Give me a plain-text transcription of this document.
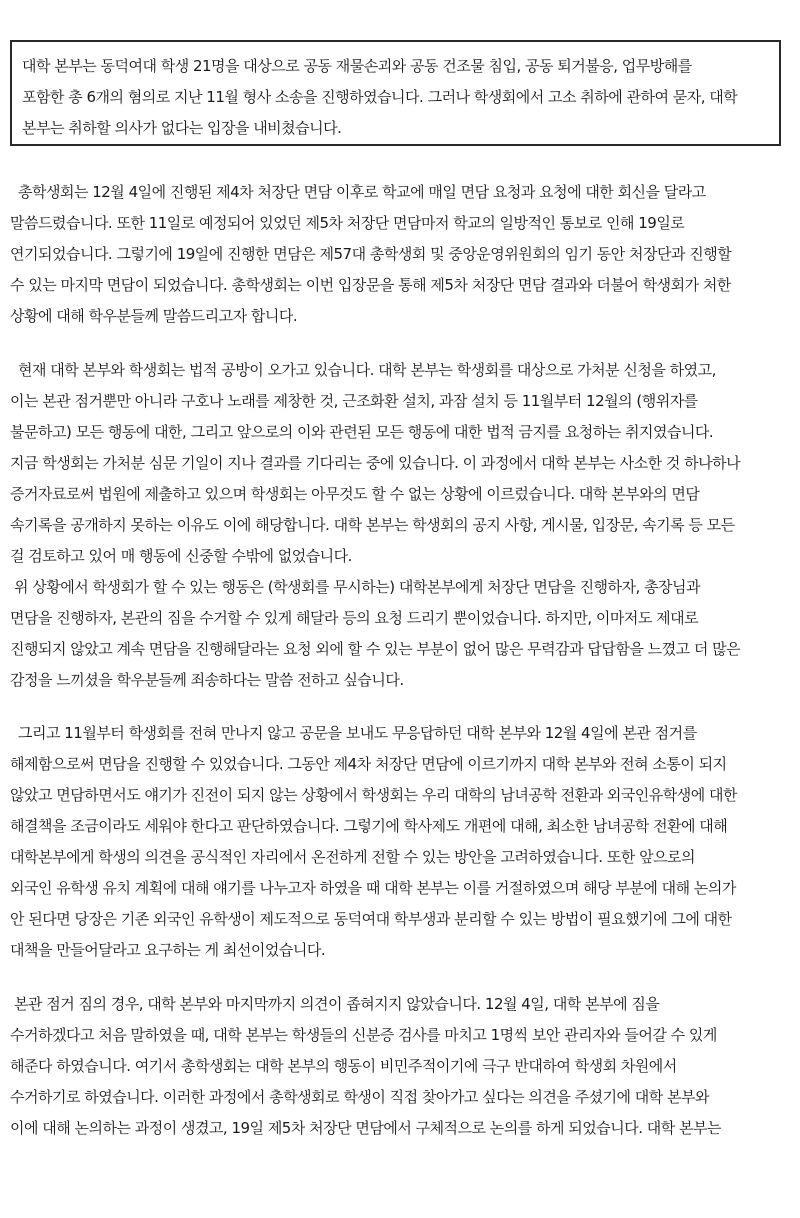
대학 본부는 동덕여대 학생 21명을 대상으로 공동 재물손괴와 공동 건조물 침입, 공동 퇴거불응, 업무방해를
포함한 총 6개의 혐의로 지난 11월 형사 소송을 진행하였습니다. 그러나 학생회에서 고소 취하에 관하여 묻자, 대학
본부는 취하할 의사가 없다는 입장을 내비쳤습니다.
총학생회는 12월 4일에 진행된 제4차 처장단 면담 이후로 학교에 매일 면담 요청과 요청에 대한 회신을 달라고
말씀드렸습니다. 또한 11일로 예정되어 있었던 제5차 처장단 면담마저 학교의 일방적인 통보로 인해 19일로
연기되었습니다. 그렇기에 19일에 진행한 면담은 제57대 총학생회 및 중앙운영위원회의 임기 동안 처장단과 진행할
수 있는 마지막 면담이 되었습니다. 총학생회는 이번 입장문을 통해 제5차 처장단 면담 결과와 더불어 학생회가 처한
상황에 대해 학우분들께 말씀드리고자 합니다.
현재 대학 본부와 학생회는 법적 공방이 오가고 있습니다. 대학 본부는 학생회를 대상으로 가처분 신청을 하였고,
이는 본관 점거뿐만 아니라 구호나 노래를 제창한 것, 근조화환 설치, 과잠 설치 등 11월부터 12월의 (행위자를
불문하고) 모든 행동에 대한, 그리고 앞으로의 이와 관련된 모든 행동에 대한 법적 금지를 요청하는 취지였습니다.
지금 학생회는 가처분 심문 기일이 지나 결과를 기다리는 중에 있습니다. 이 과정에서 대학 본부는 사소한 것 하나하나
증거자료로써 법원에 제출하고 있으며 학생회는 아무것도 할 수 없는 상황에 이르렀습니다. 대학 본부와의 면담
속기록을 공개하지 못하는 이유도 이에 해당합니다. 대학 본부는 학생회의 공지 사항, 게시물, 입장문, 속기록 등 모든
걸 검토하고 있어 매 행동에 신중할 수밖에 없었습니다.
위 상황에서 학생회가 할 수 있는 행동은 (학생회를 무시하는) 대학본부에게 처장단 면담을 진행하자, 총장님과
면담을 진행하자, 본관의 짐을 수거할 수 있게 해달라 등의 요청 드리기 뿐이었습니다. 하지만, 이마저도 제대로
진행되지 않았고 계속 면담을 진행해달라는 요청 외에 할 수 있는 부분이 없어 많은 무력감과 답답함을 느꼈고 더 많은
감정을 느끼셨을 학우분들께 죄송하다는 말씀 전하고 싶습니다.
그리고 11월부터 학생회를 전혀 만나지 않고 공문을 보내도 무응답하던 대학 본부와 12월 4일에 본관 점거를
해제함으로써 면담을 진행할 수 있었습니다. 그동안 제4차 처장단 면담에 이르기까지 대학 본부와 전혀 소통이 되지
않았고 면담하면서도 얘기가 진전이 되지 않는 상황에서 학생회는 우리 대학의 남녀공학 전환과 외국인유학생에 대한
해결책을 조금이라도 세워야 한다고 판단하였습니다. 그렇기에 학사제도 개편에 대해, 최소한 남녀공학 전환에 대해
대학본부에게 학생의 의견을 공식적인 자리에서 온전하게 전할 수 있는 방안을 고려하였습니다. 또한 앞으로의
외국인 유학생 유치 계획에 대해 얘기를 나누고자 하였을 때 대학 본부는 이를 거절하였으며 해당 부분에 대해 논의가
안 된다면 당장은 기존 외국인 유학생이 제도적으로 동덕여대 학부생과 분리할 수 있는 방법이 필요했기에 그에 대한
대책을 만들어달라고 요구하는 게 최선이었습니다.
본관 점거 짐의 경우, 대학 본부와 마지막까지 의견이 좁혀지지 않았습니다. 12월 4일, 대학 본부에 짐을
수거하겠다고 처음 말하였을 때, 대학 본부는 학생들의 신분증 검사를 마치고 1명씩 보안 관리자와 들어갈 수 있게
해준다 하였습니다. 여기서 총학생회는 대학 본부의 행동이 비민주적이기에 극구 반대하여 학생회 차원에서
수거하기로 하였습니다. 이러한 과정에서 총학생회로 학생이 직접 찾아가고 싶다는 의견을 주셨기에 대학 본부와
이에 대해 논의하는 과정이 생겼고, 19일 제5차 처장단 면담에서 구체적으로 논의를 하게 되었습니다. 대학 본부는
